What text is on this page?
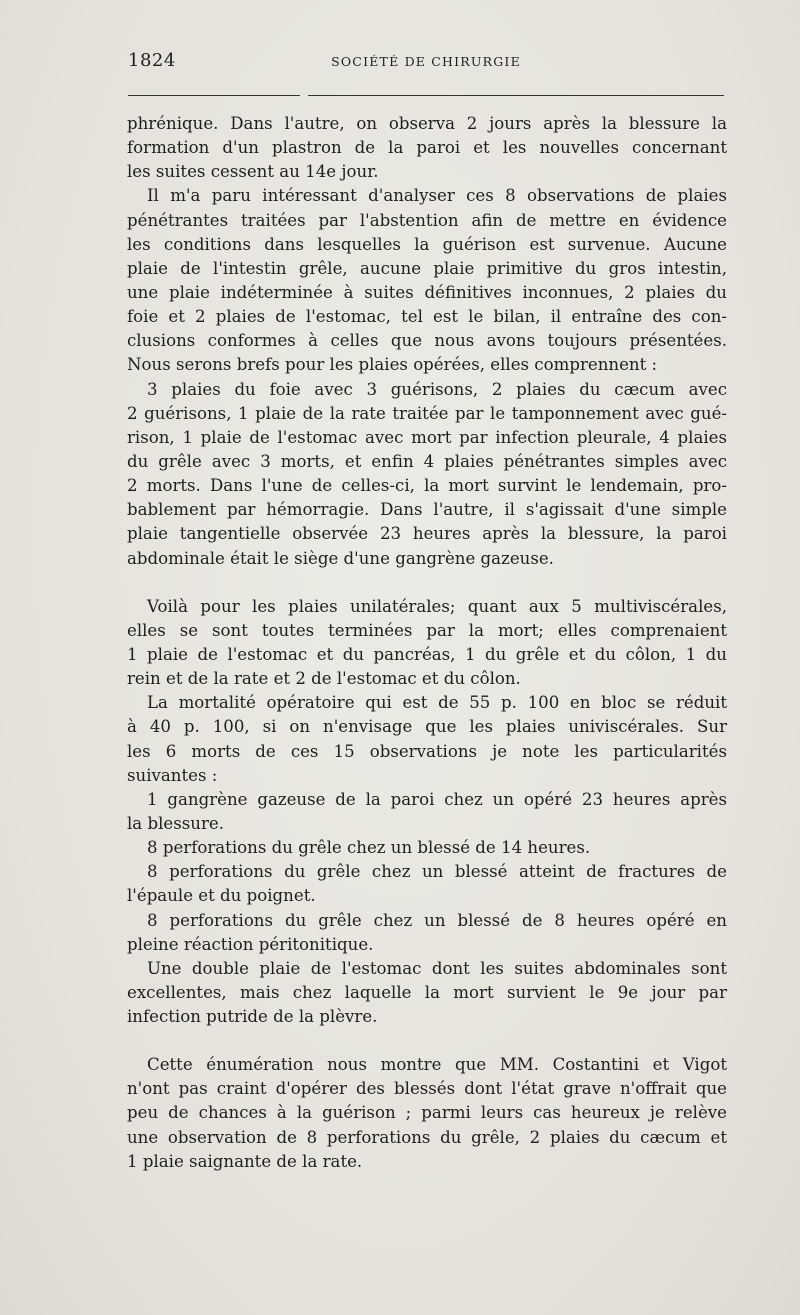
1824	SOCIÉTÉ DE CHIRURGIE
phrénique. Dans l'autre, on observa 2 jours après la blessure la
formation d'un plastron de la paroi et les nouvelles concernant
les suites cessent au 14e jour.
Il m'a paru intéressant d'analyser ces 8 observations de plaies
pénétrantes traitées par l'abstention afin de mettre en évidence
les conditions dans lesquelles la guérison est survenue. Aucune
plaie de l'intestin grêle, aucune plaie primitive du gros intestin,
une plaie indéterminée à suites définitives inconnues, 2 plaies du
foie et 2 plaies de l'estomac, tel est le bilan, il entraîne des con-
clusions conformes à celles que nous avons toujours présentées.
Nous serons brefs pour les plaies opérées, elles comprennent :
3 plaies du foie avec 3 guérisons, 2 plaies du cæcum avec
2 guérisons, 1 plaie de la rate traitée par le tamponnement avec gué-
rison, 1 plaie de l'estomac avec mort par infection pleurale, 4 plaies
du grêle avec 3 morts, et enfin 4 plaies pénétrantes simples avec
2 morts. Dans l'une de celles-ci, la mort survint le lendemain, pro-
bablement par hémorragie. Dans l'autre, il s'agissait d'une simple
plaie tangentielle observée 23 heures après la blessure, la paroi
abdominale était le siège d'une gangrène gazeuse.
Voilà pour les plaies unilatérales; quant aux 5 multiviscérales,
elles se sont toutes terminées par la mort; elles comprenaient
1 plaie de l'estomac et du pancréas, 1 du grêle et du côlon, 1 du
rein et de la rate et 2 de l'estomac et du côlon.
La mortalité opératoire qui est de 55 p. 100 en bloc se réduit
à 40 p. 100, si on n'envisage que les plaies univiscérales. Sur
les 6 morts de ces 15 observations je note les particularités
suivantes :
1 gangrène gazeuse de la paroi chez un opéré 23 heures après
la blessure.
8 perforations du grêle chez un blessé de 14 heures.
8 perforations du grêle chez un blessé atteint de fractures de
l'épaule et du poignet.
8 perforations du grêle chez un blessé de 8 heures opéré en
pleine réaction péritonitique.
Une double plaie de l'estomac dont les suites abdominales sont
excellentes, mais chez laquelle la mort survient le 9e jour par
infection putride de la plèvre.
Cette énumération nous montre que MM. Costantini et Vigot
n'ont pas craint d'opérer des blessés dont l'état grave n'offrait que
peu de chances à la guérison ; parmi leurs cas heureux je relève
une observation de 8 perforations du grêle, 2 plaies du cæcum et
1 plaie saignante de la rate.
